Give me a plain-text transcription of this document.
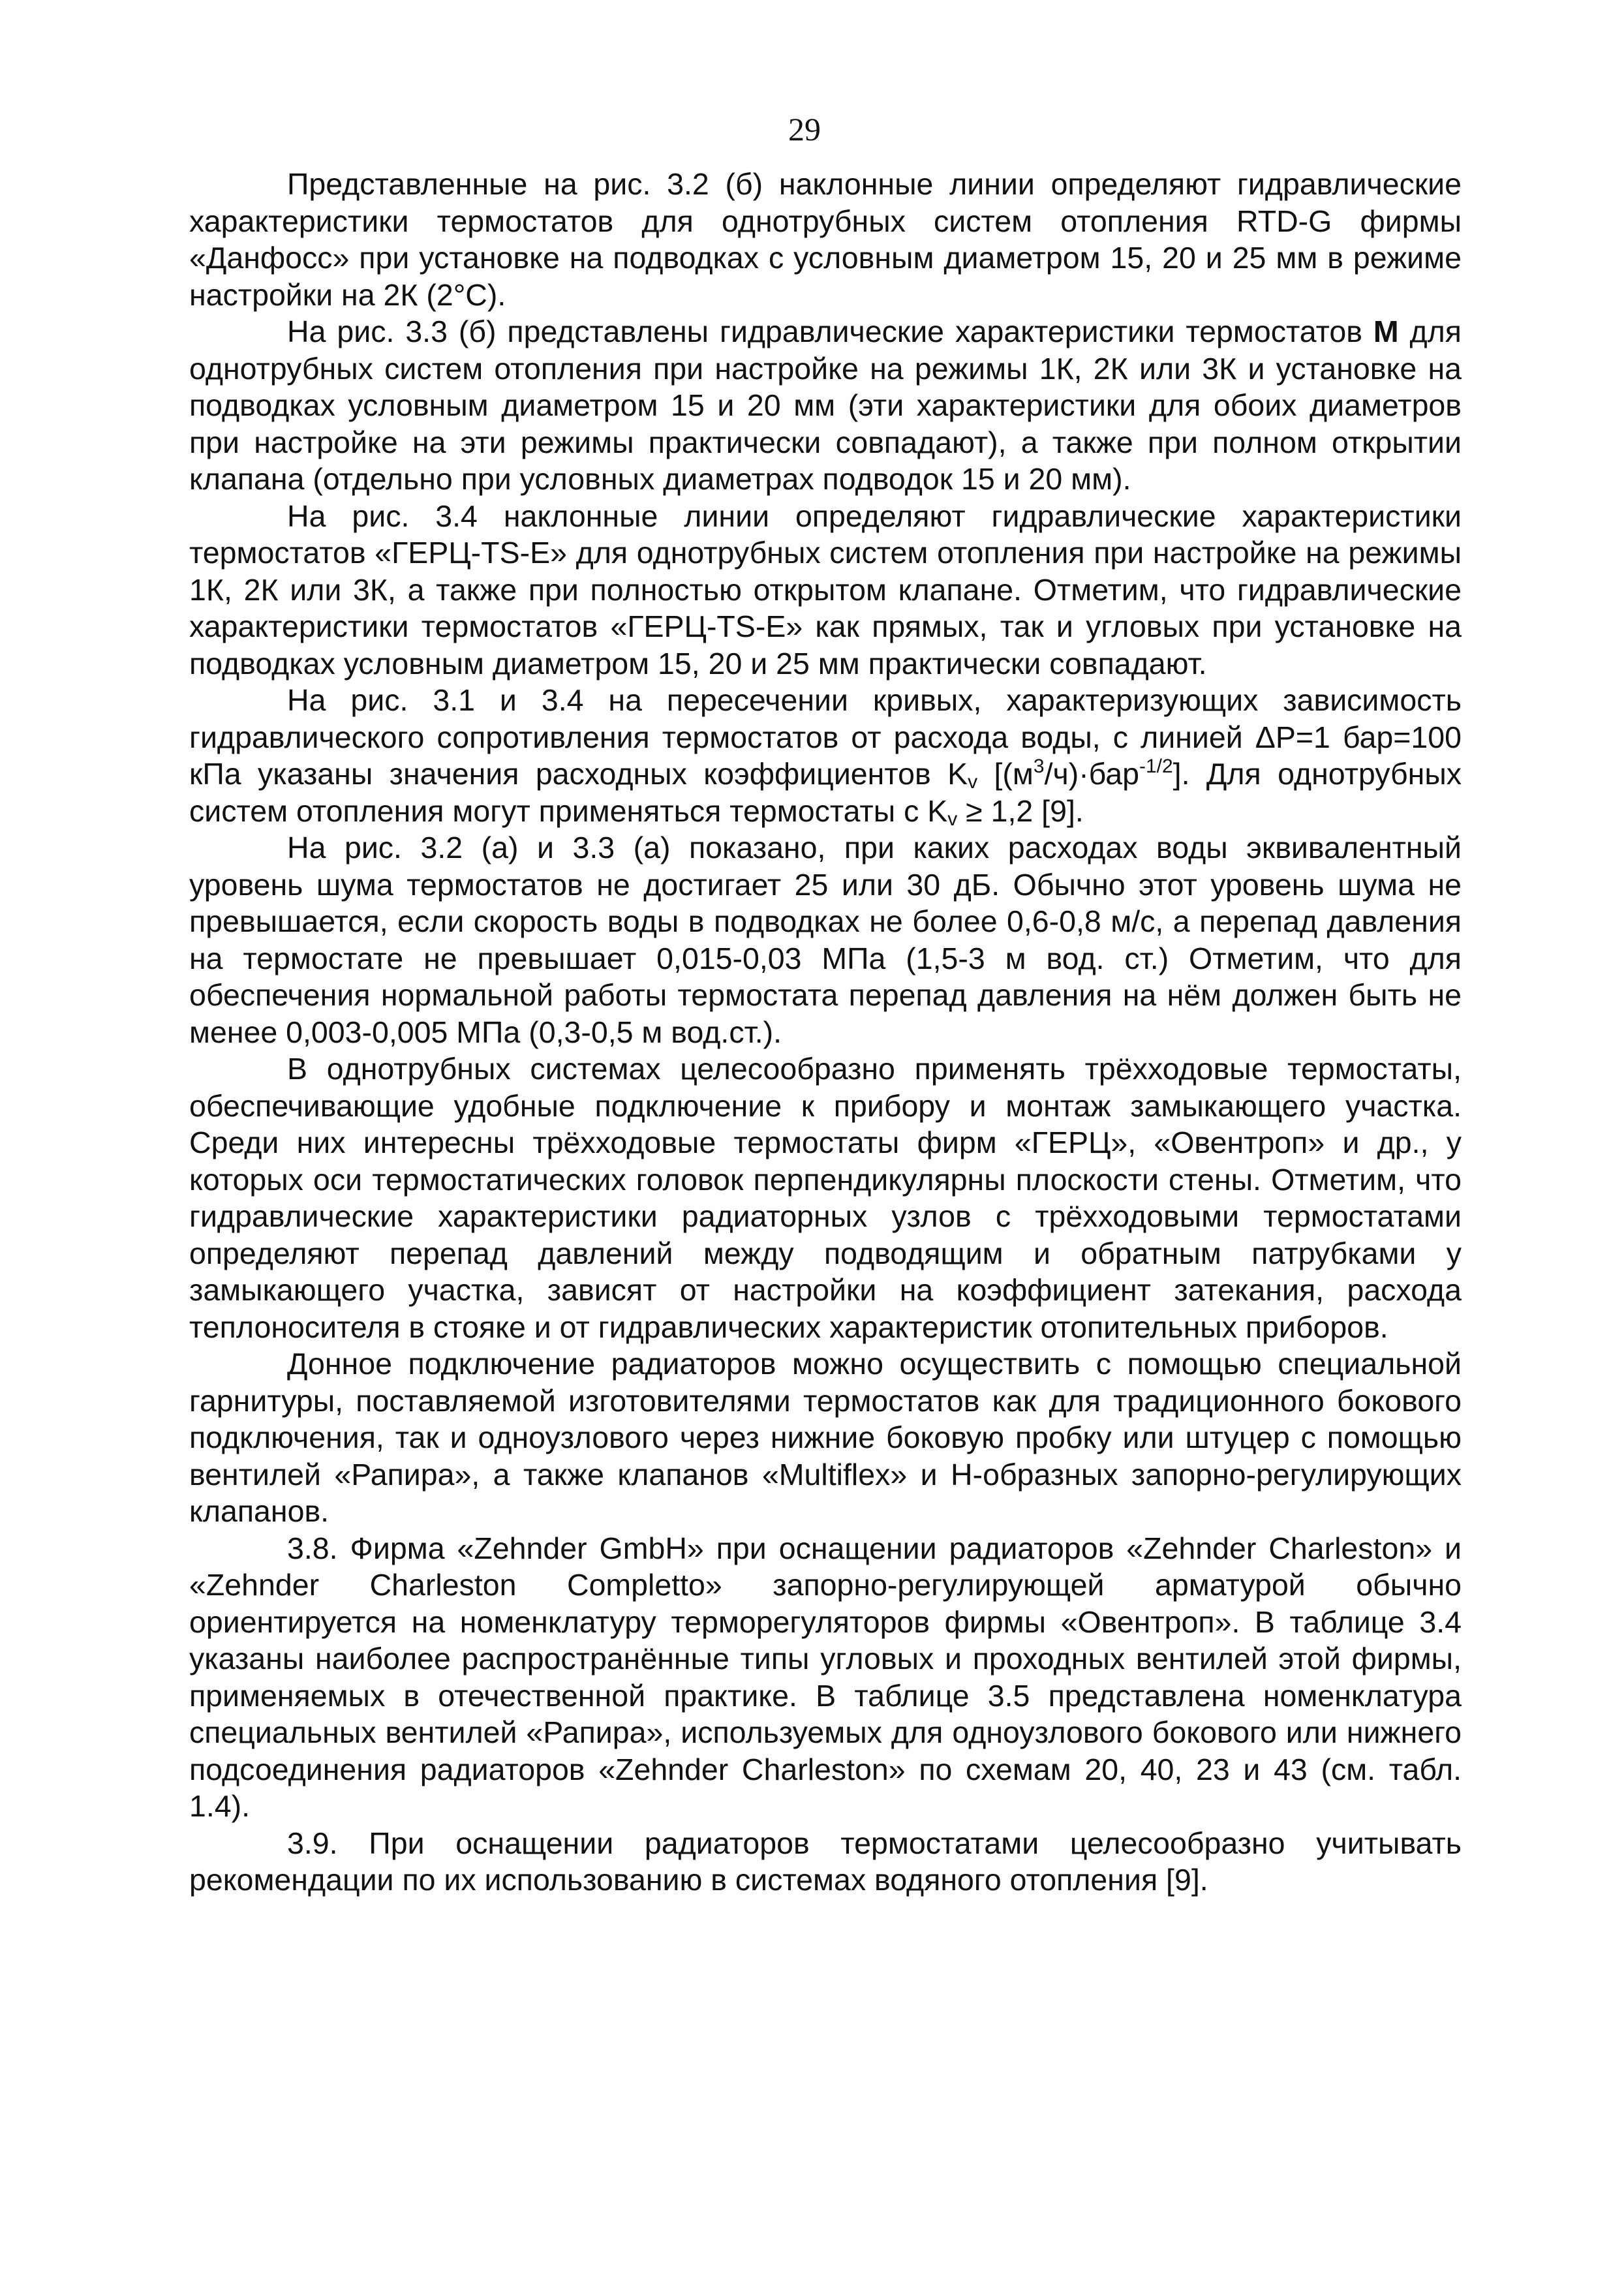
29

Представленные на рис. 3.2 (б) наклонные линии определяют гидравлические характеристики термостатов для однотрубных систем отопления RTD-G фирмы «Данфосс» при установке на подводках с условным диаметром 15, 20 и 25 мм в режиме настройки на 2К (2°С).

На рис. 3.3 (б) представлены гидравлические характеристики термостатов М для однотрубных систем отопления при настройке на режимы 1К, 2К или 3К и установке на подводках условным диаметром 15 и 20 мм (эти характеристики для обоих диаметров при настройке на эти режимы практически совпадают), а также при полном открытии клапана (отдельно при условных диаметрах подводок 15 и 20 мм).

На рис. 3.4 наклонные линии определяют гидравлические характеристики термостатов «ГЕРЦ-TS-E» для однотрубных систем отопления при настройке на режимы 1К, 2К или 3К, а также при полностью открытом клапане. Отметим, что гидравлические характеристики термостатов «ГЕРЦ-TS-E» как прямых, так и угловых при установке на подводках условным диаметром 15, 20 и 25 мм практически совпадают.

На рис. 3.1 и 3.4 на пересечении кривых, характеризующих зависимость гидравлического сопротивления термостатов от расхода воды, с линией ΔР=1 бар=100 кПа указаны значения расходных коэффициентов $K_v$ $[(м^3/ч)\cdot бар^{-1/2}]$. Для однотрубных систем отопления могут применяться термостаты с $K_v \ge 1,2$ [9].

На рис. 3.2 (а) и 3.3 (а) показано, при каких расходах воды эквивалентный уровень шума термостатов не достигает 25 или 30 дБ. Обычно этот уровень шума не превышается, если скорость воды в подводках не более 0,6-0,8 м/с, а перепад давления на термостате не превышает 0,015-0,03 МПа (1,5-3 м вод. ст.) Отметим, что для обеспечения нормальной работы термостата перепад давления на нём должен быть не менее 0,003-0,005 МПа (0,3-0,5 м вод.ст.).

В однотрубных системах целесообразно применять трёхходовые термостаты, обеспечивающие удобные подключение к прибору и монтаж замыкающего участка. Среди них интересны трёхходовые термостаты фирм «ГЕРЦ», «Овентроп» и др., у которых оси термостатических головок перпендикулярны плоскости стены. Отметим, что гидравлические характеристики радиаторных узлов с трёхходовыми термостатами определяют перепад давлений между подводящим и обратным патрубками у замыкающего участка, зависят от настройки на коэффициент затекания, расхода теплоносителя в стояке и от гидравлических характеристик отопительных приборов.

Донное подключение радиаторов можно осуществить с помощью специальной гарнитуры, поставляемой изготовителями термостатов как для традиционного бокового подключения, так и одноузлового через нижние боковую пробку или штуцер с помощью вентилей «Рапира», а также клапанов «Multiflex» и Н-образных запорно-регулирующих клапанов.

3.8. Фирма «Zehnder GmbH» при оснащении радиаторов «Zehnder Charleston» и «Zehnder Charleston Completto» запорно-регулирующей арматурой обычно ориентируется на номенклатуру терморегуляторов фирмы «Овентроп». В таблице 3.4 указаны наиболее распространённые типы угловых и проходных вентилей этой фирмы, применяемых в отечественной практике. В таблице 3.5 представлена номенклатура специальных вентилей «Рапира», используемых для одноузлового бокового или нижнего подсоединения радиаторов «Zehnder Charleston» по схемам 20, 40, 23 и 43 (см. табл. 1.4).

3.9. При оснащении радиаторов термостатами целесообразно учитывать рекомендации по их использованию в системах водяного отопления [9].
